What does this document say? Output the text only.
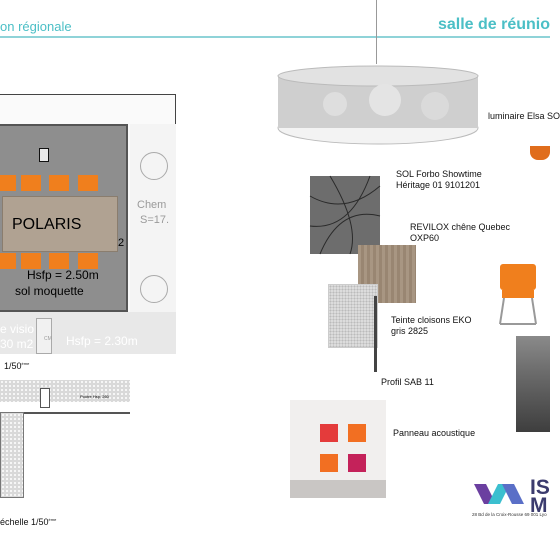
on régionale	salle de réunio
POLARIS
2
Hsfp = 2.50m
sol moquette
Chem
S=17.
e visio
30 m2 CM Hsfp = 2.30m
1/50ème
Poutre Hsp: 260
échelle 1/50ème
luminaire Elsa SO
SOL Forbo Showtime
Héritage 01 9101201
REVILOX chêne Quebec
OXP60
Teinte cloisons EKO
gris 2825
Profil SAB 11
Panneau acoustique
IS
M
28 Bd de la Croix-Rousse 69 001 Lyo
